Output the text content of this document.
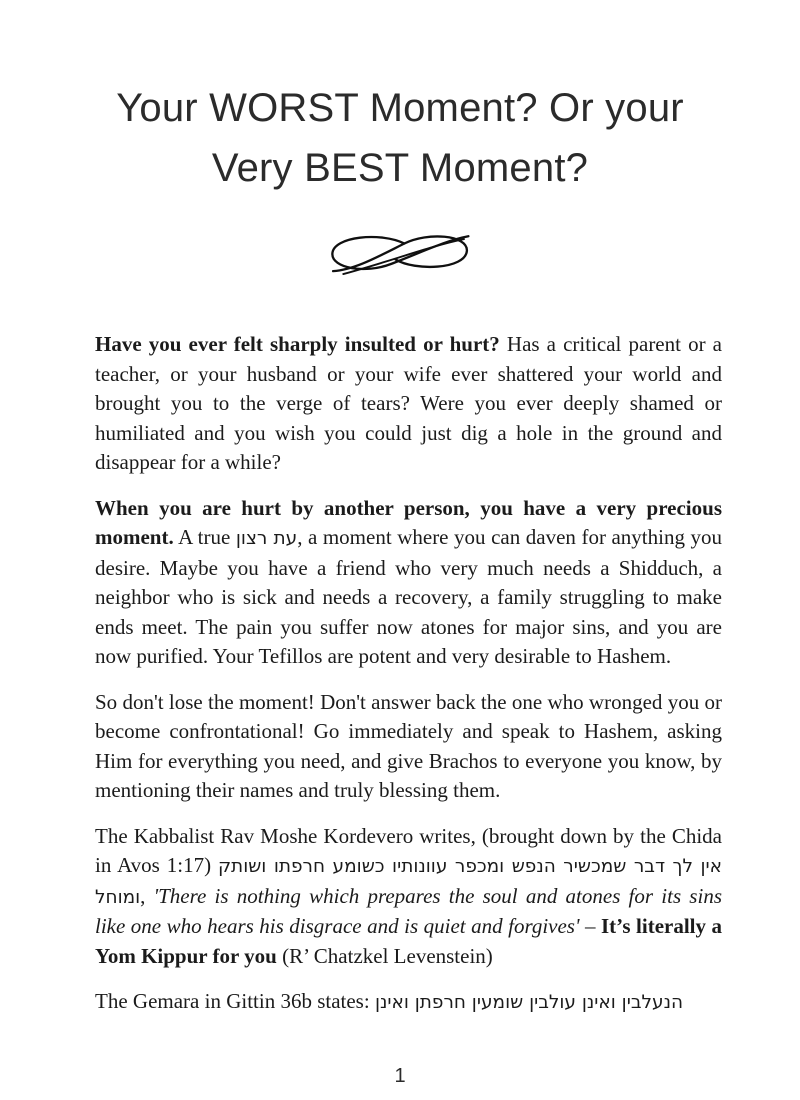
Your WORST Moment? Or your
Very BEST Moment?

Have you ever felt sharply insulted or hurt? Has a critical parent or a teacher, or your husband or your wife ever shattered your world and brought you to the verge of tears? Were you ever deeply shamed or humiliated and you wish you could just dig a hole in the ground and disappear for a while?

When you are hurt by another person, you have a very precious moment. A true עת רצון, a moment where you can daven for anything you desire. Maybe you have a friend who very much needs a Shidduch, a neighbor who is sick and needs a recovery, a family struggling to make ends meet. The pain you suffer now atones for major sins, and you are now purified. Your Tefillos are potent and very desirable to Hashem.

So don't lose the moment! Don't answer back the one who wronged you or become confrontational! Go immediately and speak to Hashem, asking Him for everything you need, and give Brachos to everyone you know, by mentioning their names and truly blessing them.

The Kabbalist Rav Moshe Kordevero writes, (brought down by the Chida in Avos 1:17) אין לך דבר שמכשיר הנפש ומכפר עוונותיו כשומע חרפתו ושותק ומוחל, 'There is nothing which prepares the soul and atones for its sins like one who hears his disgrace and is quiet and forgives' – It’s literally a Yom Kippur for you (R’ Chatzkel Levenstein)

The Gemara in Gittin 36b states: הנעלבין ואינן עולבין שומעין חרפתן ואינן

1
